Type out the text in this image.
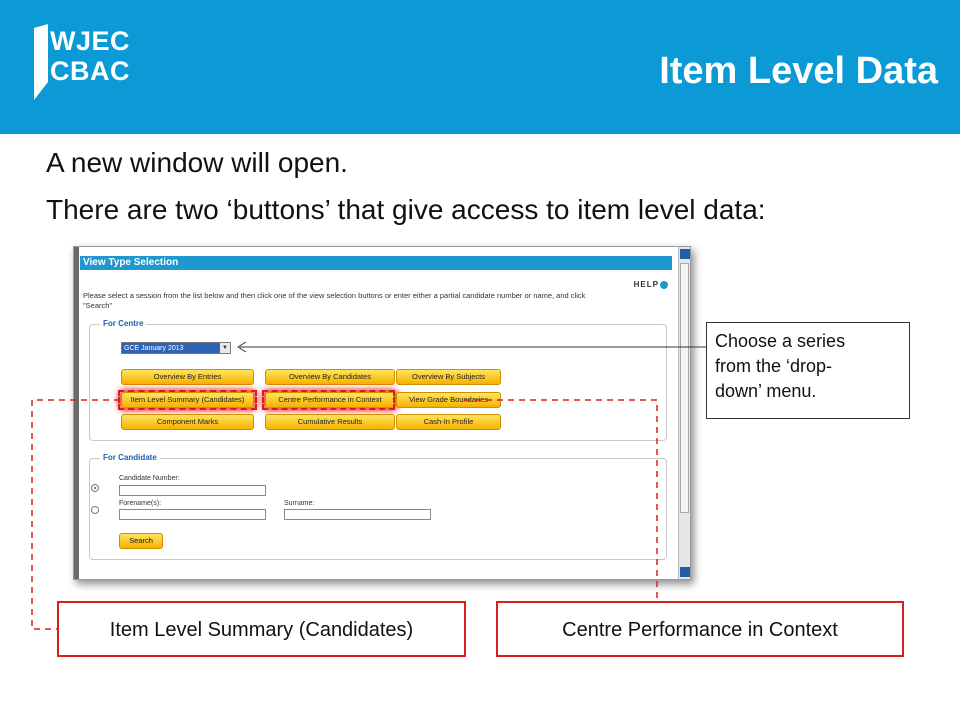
WJEC
CBAC	Item Level Data
A new window will open.
There are two ‘buttons’ that give access to item level data:
View Type Selection
HELP
Please select a session from the list below and then click one of the view selection buttons or enter either a partial candidate number or name, and click "Search"
For Centre
GCE January 2013	▼
Overview By Entries	Overview By Candidates	Overview By Subjects
Item Level Summary (Candidates)	Centre Performance in Context	View Grade Boundaries
Component Marks	Cumulative Results	Cash-In Profile
For Candidate
Candidate Number:
Forename(s):	Surname:
Search
Choose a series
from the ‘drop-
down’ menu.
Item Level Summary (Candidates)	Centre Performance in Context
